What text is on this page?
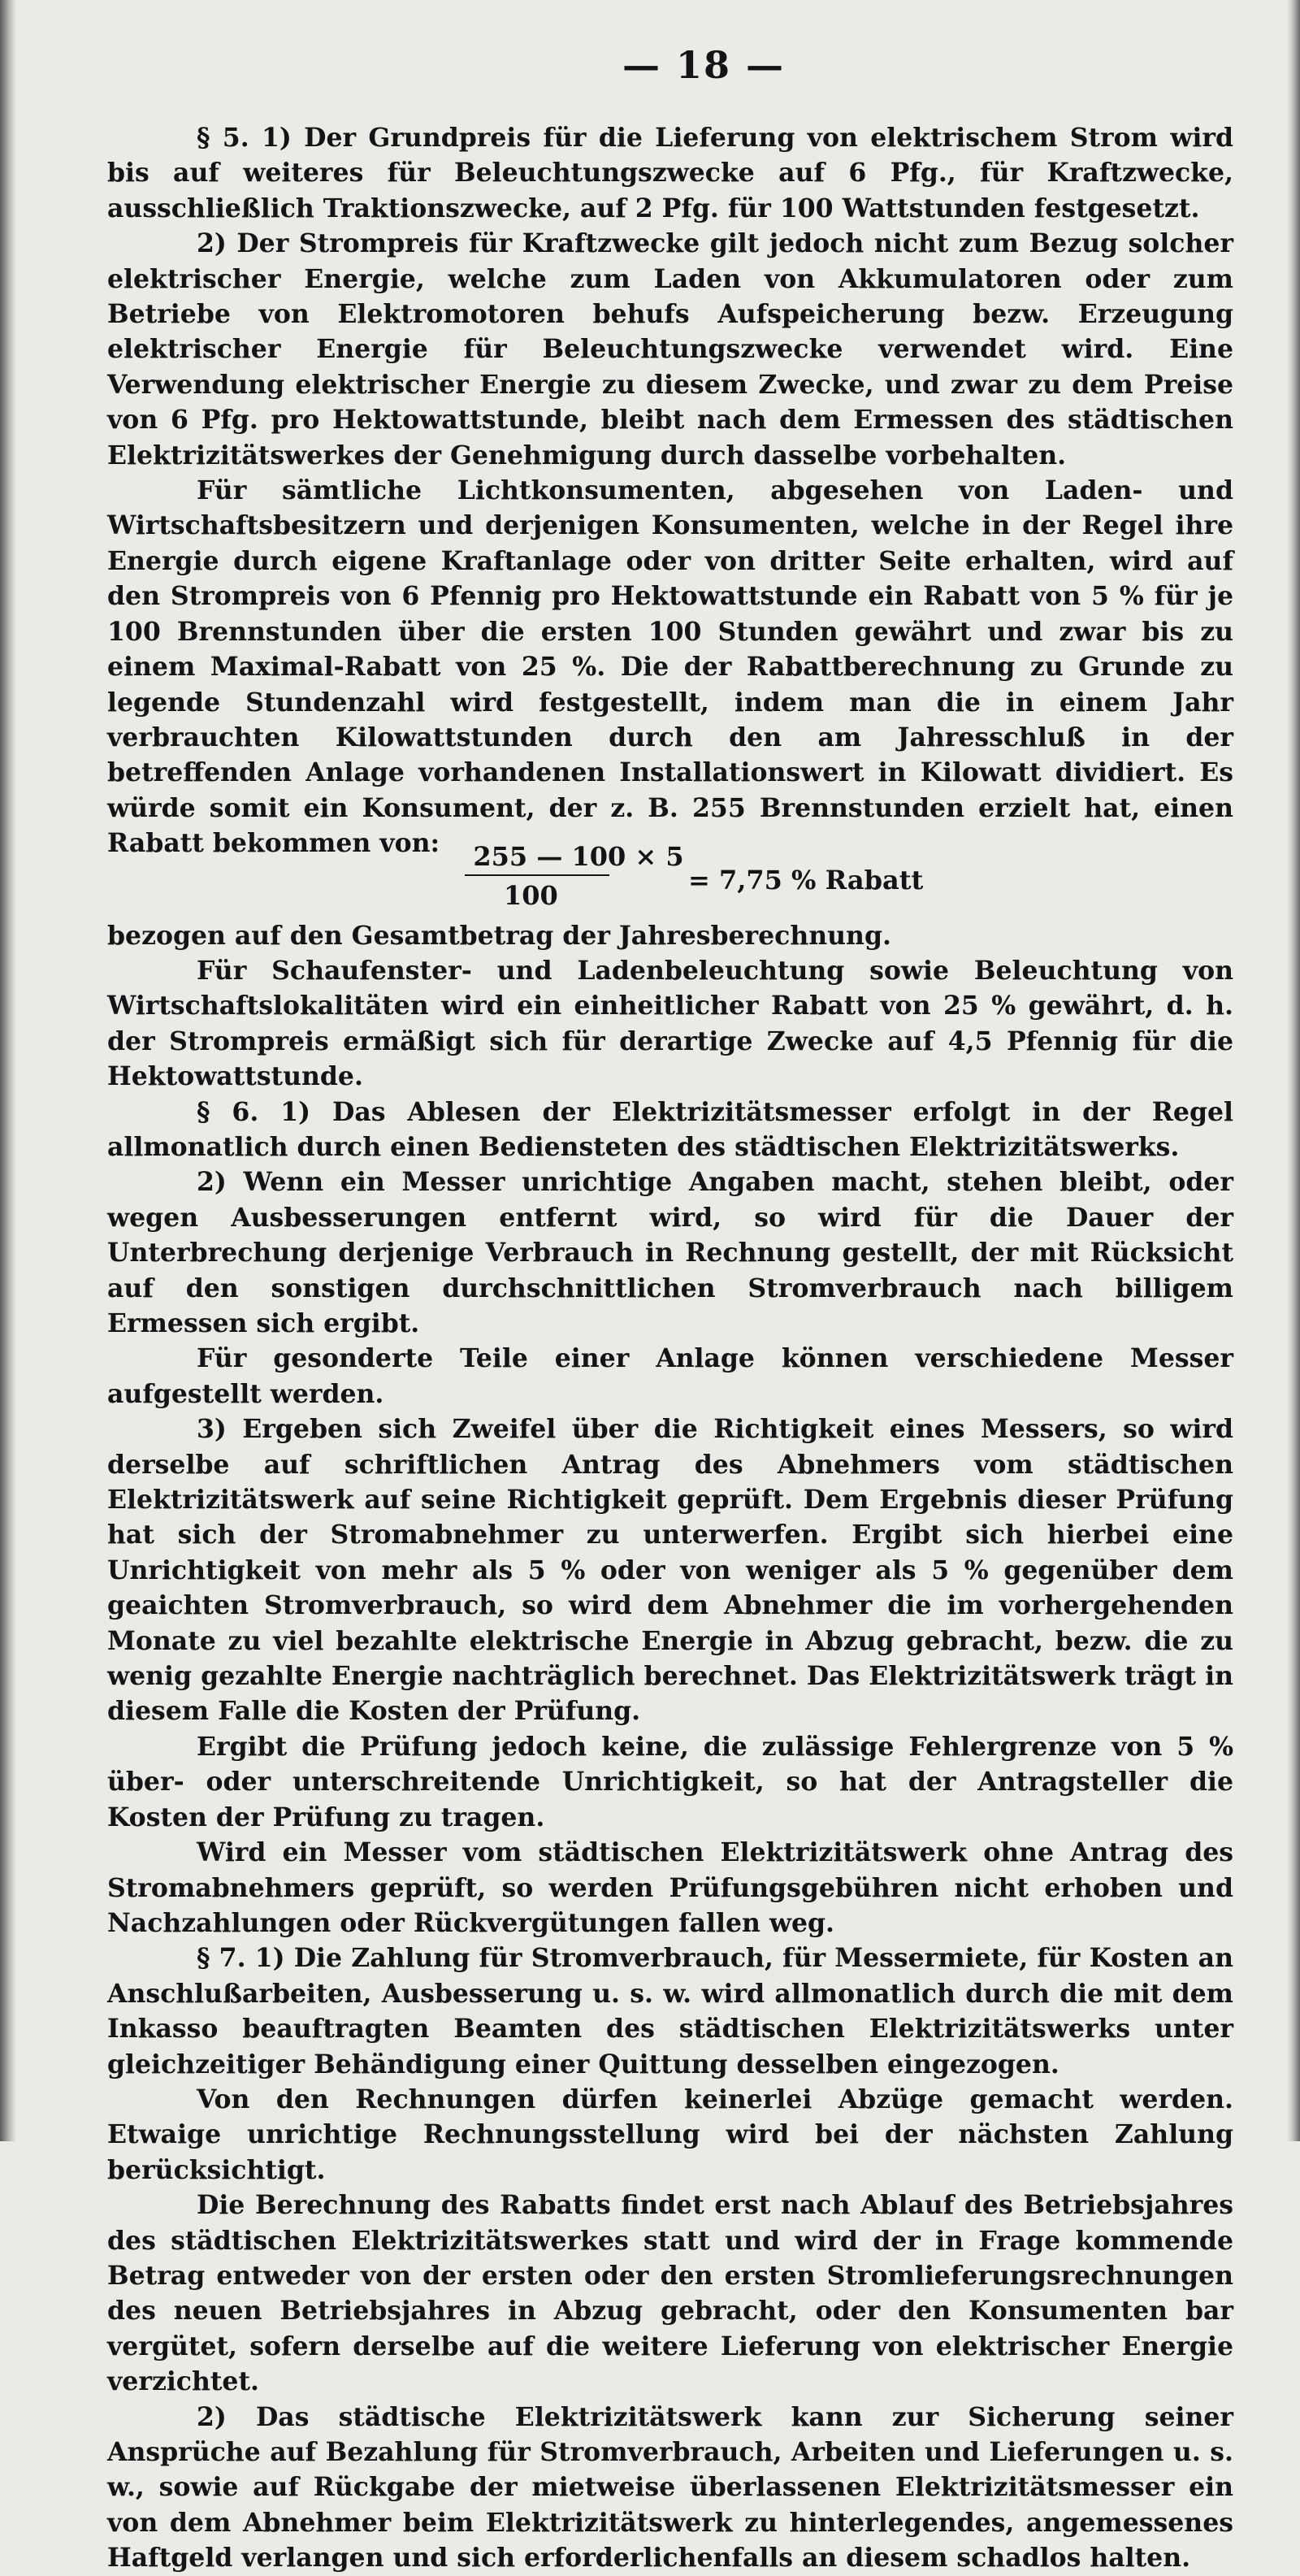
— 18 —

§ 5. 1) Der Grundpreis für die Lieferung von elektrischem Strom wird bis auf weiteres für Beleuchtungszwecke auf 6 Pfg., für Kraftzwecke, ausschließlich Traktionszwecke, auf 2 Pfg. für 100 Wattstunden festgesetzt.

2) Der Strompreis für Kraftzwecke gilt jedoch nicht zum Bezug solcher elektrischer Energie, welche zum Laden von Akkumulatoren oder zum Betriebe von Elektromotoren behufs Aufspeicherung bezw. Erzeugung elektrischer Energie für Beleuchtungszwecke verwendet wird. Eine Verwendung elektrischer Energie zu diesem Zwecke, und zwar zu dem Preise von 6 Pfg. pro Hektowattstunde, bleibt nach dem Ermessen des städtischen Elektrizitätswerkes der Genehmigung durch dasselbe vorbehalten.

Für sämtliche Lichtkonsumenten, abgesehen von Laden- und Wirtschaftsbesitzern und derjenigen Konsumenten, welche in der Regel ihre Energie durch eigene Kraftanlage oder von dritter Seite erhalten, wird auf den Strompreis von 6 Pfennig pro Hektowattstunde ein Rabatt von 5 % für je 100 Brennstunden über die ersten 100 Stunden gewährt und zwar bis zu einem Maximal-Rabatt von 25 %. Die der Rabattberechnung zu Grunde zu legende Stundenzahl wird festgestellt, indem man die in einem Jahr verbrauchten Kilowattstunden durch den am Jahresschluß in der betreffenden Anlage vorhandenen Installationswert in Kilowatt dividiert. Es würde somit ein Konsument, der z. B. 255 Brennstunden erzielt hat, einen Rabatt bekommen von:	255 — 100 × 5
100	= 7,75 % Rabatt

bezogen auf den Gesamtbetrag der Jahresberechnung.

Für Schaufenster- und Ladenbeleuchtung sowie Beleuchtung von Wirtschaftslokalitäten wird ein einheitlicher Rabatt von 25 % gewährt, d. h. der Strompreis ermäßigt sich für derartige Zwecke auf 4,5 Pfennig für die Hektowattstunde.

§ 6. 1) Das Ablesen der Elektrizitätsmesser erfolgt in der Regel allmonatlich durch einen Bediensteten des städtischen Elektrizitätswerks.

2) Wenn ein Messer unrichtige Angaben macht, stehen bleibt, oder wegen Ausbesserungen entfernt wird, so wird für die Dauer der Unterbrechung derjenige Verbrauch in Rechnung gestellt, der mit Rücksicht auf den sonstigen durchschnittlichen Stromverbrauch nach billigem Ermessen sich ergibt.

Für gesonderte Teile einer Anlage können verschiedene Messer aufgestellt werden.

3) Ergeben sich Zweifel über die Richtigkeit eines Messers, so wird derselbe auf schriftlichen Antrag des Abnehmers vom städtischen Elektrizitätswerk auf seine Richtigkeit geprüft. Dem Ergebnis dieser Prüfung hat sich der Stromabnehmer zu unterwerfen. Ergibt sich hierbei eine Unrichtigkeit von mehr als 5 % oder von weniger als 5 % gegenüber dem geaichten Stromverbrauch, so wird dem Abnehmer die im vorhergehenden Monate zu viel bezahlte elektrische Energie in Abzug gebracht, bezw. die zu wenig gezahlte Energie nachträglich berechnet. Das Elektrizitätswerk trägt in diesem Falle die Kosten der Prüfung.

Ergibt die Prüfung jedoch keine, die zulässige Fehlergrenze von 5 % über- oder unterschreitende Unrichtigkeit, so hat der Antragsteller die Kosten der Prüfung zu tragen.

Wird ein Messer vom städtischen Elektrizitätswerk ohne Antrag des Stromabnehmers geprüft, so werden Prüfungsgebühren nicht erhoben und Nachzahlungen oder Rückvergütungen fallen weg.

§ 7. 1) Die Zahlung für Stromverbrauch, für Messermiete, für Kosten an Anschlußarbeiten, Ausbesserung u. s. w. wird allmonatlich durch die mit dem Inkasso beauftragten Beamten des städtischen Elektrizitätswerks unter gleichzeitiger Behändigung einer Quittung desselben eingezogen.

Von den Rechnungen dürfen keinerlei Abzüge gemacht werden. Etwaige unrichtige Rechnungsstellung wird bei der nächsten Zahlung berücksichtigt.

Die Berechnung des Rabatts findet erst nach Ablauf des Betriebsjahres des städtischen Elektrizitätswerkes statt und wird der in Frage kommende Betrag entweder von der ersten oder den ersten Stromlieferungsrechnungen des neuen Betriebsjahres in Abzug gebracht, oder den Konsumenten bar vergütet, sofern derselbe auf die weitere Lieferung von elektrischer Energie verzichtet.

2) Das städtische Elektrizitätswerk kann zur Sicherung seiner Ansprüche auf Bezahlung für Stromverbrauch, Arbeiten und Lieferungen u. s. w., sowie auf Rückgabe der mietweise überlassenen Elektrizitätsmesser ein von dem Abnehmer beim Elektrizitätswerk zu hinterlegendes, angemessenes Haftgeld verlangen und sich erforderlichenfalls an diesem schadlos halten.
